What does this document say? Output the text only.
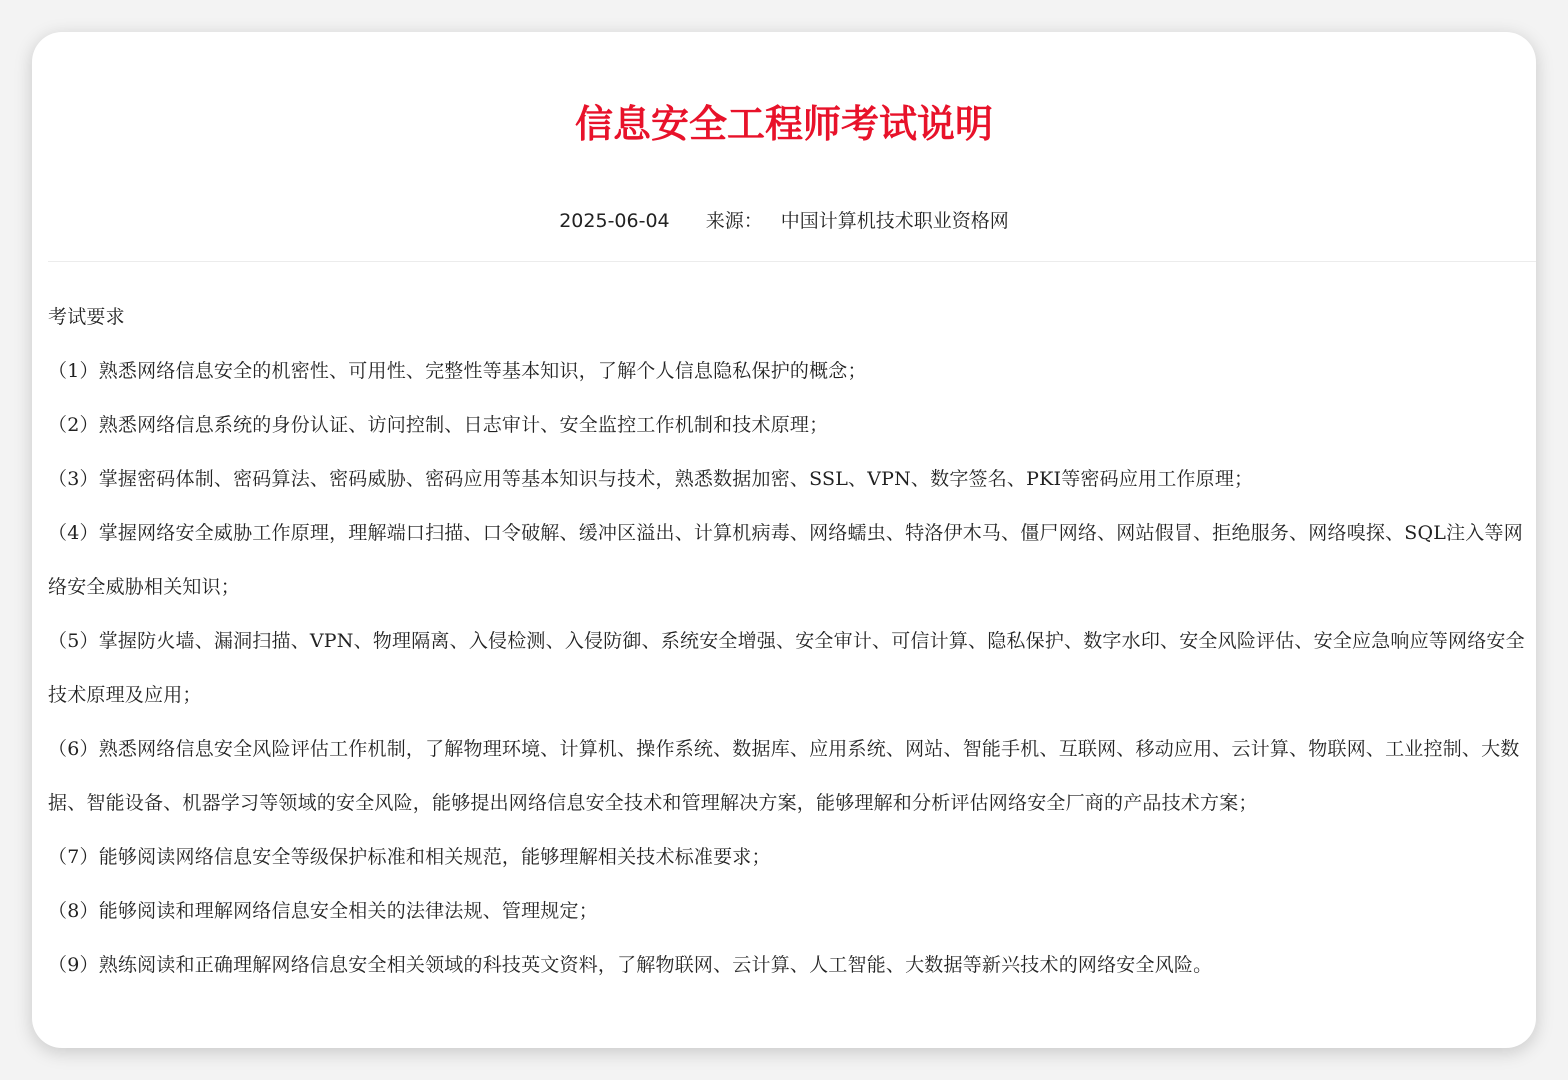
信息安全工程师考试说明
2025-06-04 来源： 中国计算机技术职业资格网

考试要求

（1）熟悉网络信息安全的机密性、可用性、完整性等基本知识，了解个人信息隐私保护的概念；

（2）熟悉网络信息系统的身份认证、访问控制、日志审计、安全监控工作机制和技术原理；

（3）掌握密码体制、密码算法、密码威胁、密码应用等基本知识与技术，熟悉数据加密、SSL、VPN、数字签名、PKI等密码应用工作原理；

（4）掌握网络安全威胁工作原理，理解端口扫描、口令破解、缓冲区溢出、计算机病毒、网络蠕虫、特洛伊木马、僵尸网络、网站假冒、拒绝服务、网络嗅探、SQL注入等网络安全威胁相关知识；

（5）掌握防火墙、漏洞扫描、VPN、物理隔离、入侵检测、入侵防御、系统安全增强、安全审计、可信计算、隐私保护、数字水印、安全风险评估、安全应急响应等网络安全技术原理及应用；

（6）熟悉网络信息安全风险评估工作机制，了解物理环境、计算机、操作系统、数据库、应用系统、网站、智能手机、互联网、移动应用、云计算、物联网、工业控制、大数据、智能设备、机器学习等领域的安全风险，能够提出网络信息安全技术和管理解决方案，能够理解和分析评估网络安全厂商的产品技术方案；

（7）能够阅读网络信息安全等级保护标准和相关规范，能够理解相关技术标准要求；

（8）能够阅读和理解网络信息安全相关的法律法规、管理规定；

（9）熟练阅读和正确理解网络信息安全相关领域的科技英文资料，了解物联网、云计算、人工智能、大数据等新兴技术的网络安全风险。
